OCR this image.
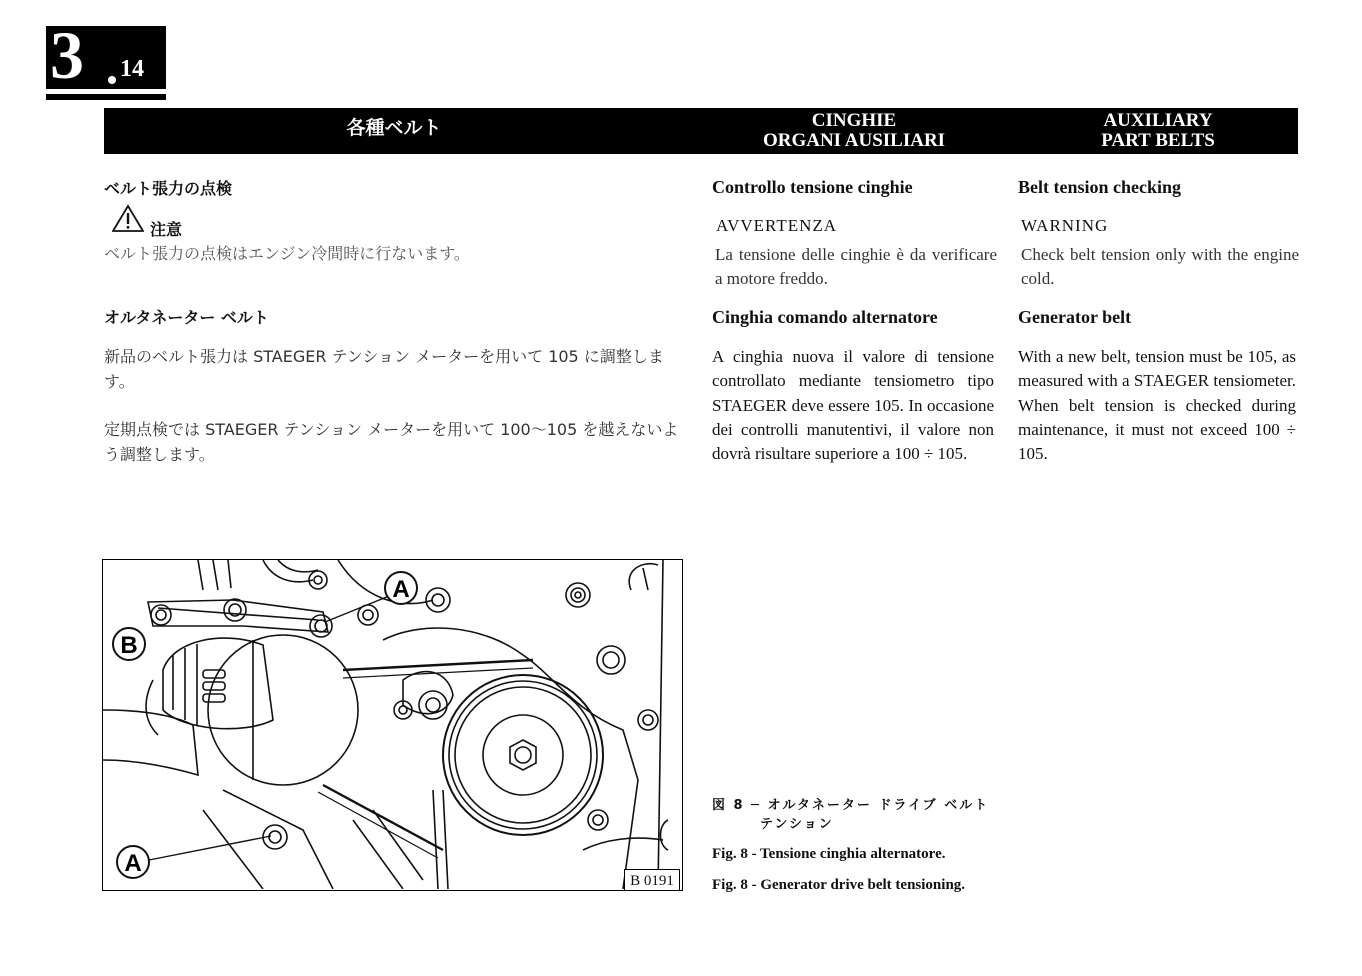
3 14
各種ベルト	CINGHIE
ORGANI AUSILIARI
AUXILIARY
PART BELTS
ベルト張力の点検
注意
ベルト張力の点検はエンジン冷間時に行ないます。
オルタネーター ベルト
新品のベルト張力は STAEGER テンション メーターを用いて 105 に調整します。
定期点検では STAEGER テンション メーターを用いて 100～105 を越えないよう調整します。
Controllo tensione cinghie
AVVERTENZA
La tensione delle cinghie è da verificare a motore freddo.
Cinghia comando alternatore
A cinghia nuova il valore di tensione controllato mediante tensiometro tipo STAEGER deve essere 105. In occasione dei controlli manutentivi, il valore non dovrà risultare superiore a 100 ÷ 105.
Belt tension checking
WARNING
Check belt tension only with the engine cold.
Generator belt
With a new belt, tension must be 105, as measured with a STAEGER tensiometer. When belt tension is checked during maintenance, it must not exceed 100 ÷ 105.
A
B
A
B 0191
図 8 ─ オルタネーター ドライブ ベルト
テンション
Fig. 8 - Tensione cinghia alternatore.
Fig. 8 - Generator drive belt tensioning.
